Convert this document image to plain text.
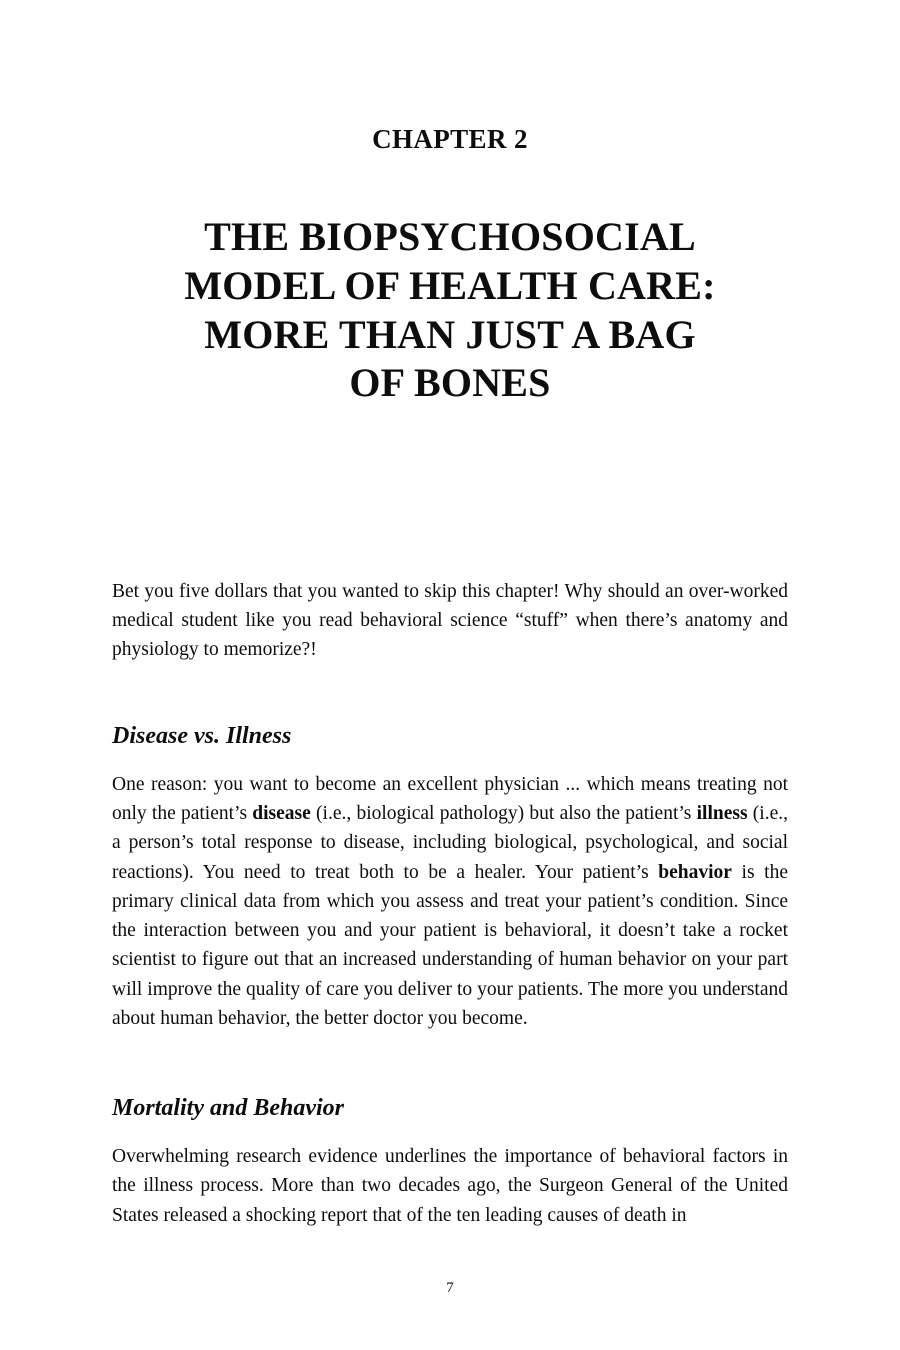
CHAPTER 2
THE BIOPSYCHOSOCIAL
MODEL OF HEALTH CARE:
MORE THAN JUST A BAG
OF BONES

Bet you five dollars that you wanted to skip this chapter! Why should an over-worked medical student like you read behavioral science “stuff” when there’s anatomy and physiology to memorize?!

Disease vs. Illness

One reason: you want to become an excellent physician ... which means treating not only the patient’s disease (i.e., biological pathology) but also the patient’s illness (i.e., a person’s total response to disease, including biological, psychological, and social reactions). You need to treat both to be a healer. Your patient’s behavior is the primary clinical data from which you assess and treat your patient’s condition. Since the interaction between you and your patient is behavioral, it doesn’t take a rocket scientist to figure out that an increased understanding of human behavior on your part will improve the quality of care you deliver to your patients. The more you understand about human behavior, the better doctor you become.

Mortality and Behavior

Overwhelming research evidence underlines the importance of behavioral factors in the illness process. More than two decades ago, the Surgeon General of the United States released a shocking report that of the ten leading causes of death in

7
